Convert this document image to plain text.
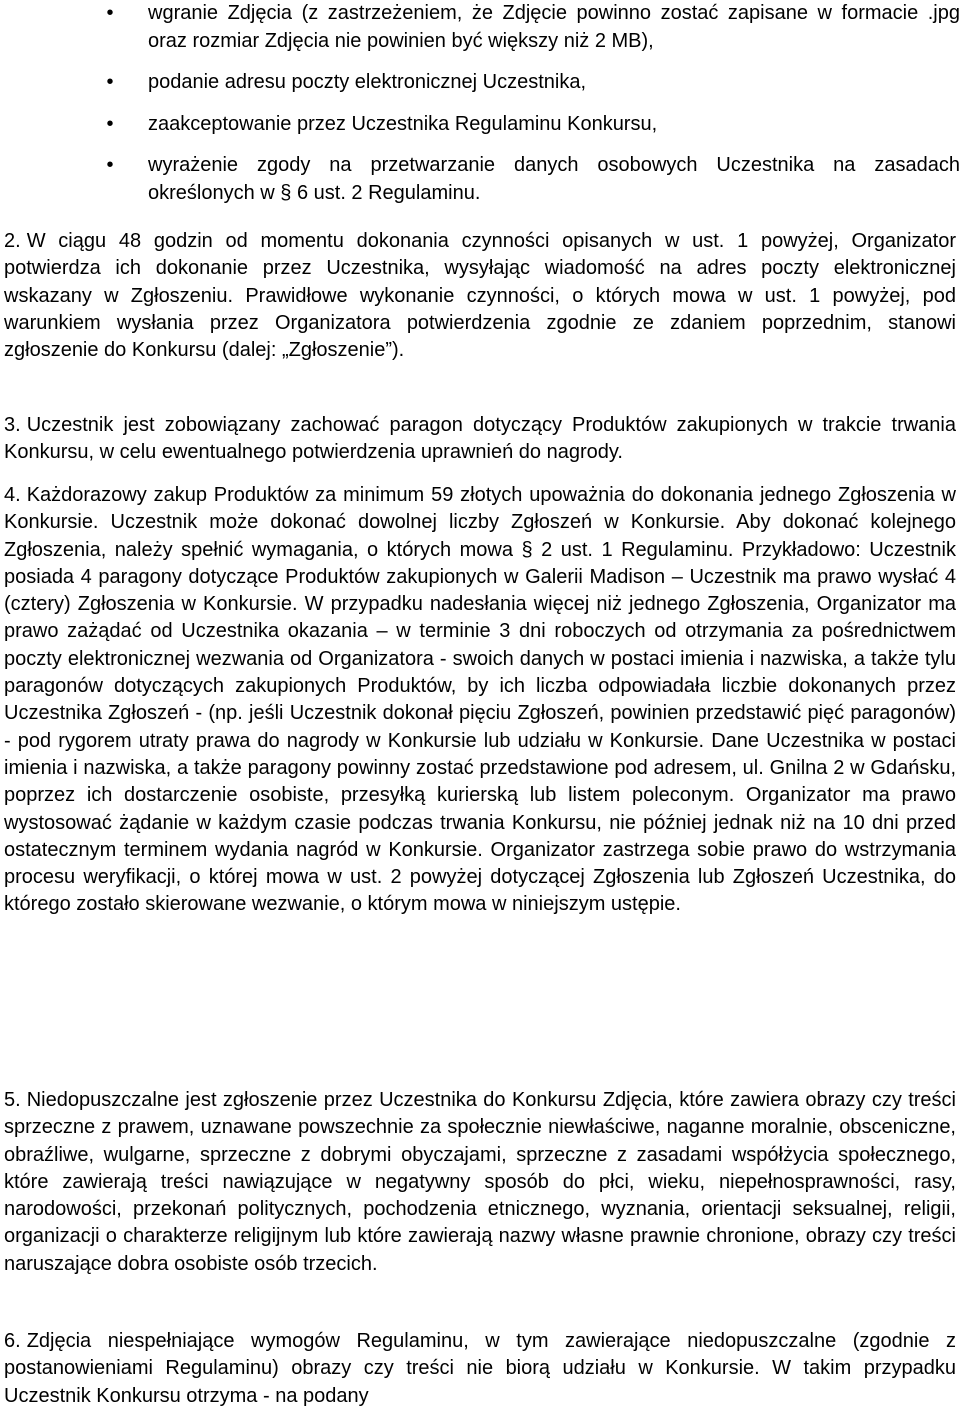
•	wgranie Zdjęcia (z zastrzeżeniem, że Zdjęcie powinno zostać zapisane w formacie .jpg oraz rozmiar Zdjęcia nie powinien być większy niż 2 MB),
•	podanie adresu poczty elektronicznej Uczestnika,
•	zaakceptowanie przez Uczestnika Regulaminu Konkursu,
•	wyrażenie zgody na przetwarzanie danych osobowych Uczestnika na zasadach określonych w § 6 ust. 2 Regulaminu.

2. W ciągu 48 godzin od momentu dokonania czynności opisanych w ust. 1 powyżej, Organizator potwierdza ich dokonanie przez Uczestnika, wysyłając wiadomość na adres poczty elektronicznej wskazany w Zgłoszeniu. Prawidłowe wykonanie czynności, o których mowa w ust. 1 powyżej, pod warunkiem wysłania przez Organizatora potwierdzenia zgodnie ze zdaniem poprzednim, stanowi zgłoszenie do Konkursu (dalej: „Zgłoszenie”).

3. Uczestnik jest zobowiązany zachować paragon dotyczący Produktów zakupionych w trakcie trwania Konkursu, w celu ewentualnego potwierdzenia uprawnień do nagrody.

4. Każdorazowy zakup Produktów za minimum 59 złotych upoważnia do dokonania jednego Zgłoszenia w Konkursie. Uczestnik może dokonać dowolnej liczby Zgłoszeń w Konkursie. Aby dokonać kolejnego Zgłoszenia, należy spełnić wymagania, o których mowa § 2 ust. 1 Regulaminu. Przykładowo: Uczestnik posiada 4 paragony dotyczące Produktów zakupionych w Galerii Madison – Uczestnik ma prawo wysłać 4 (cztery) Zgłoszenia w Konkursie. W przypadku nadesłania więcej niż jednego Zgłoszenia, Organizator ma prawo zażądać od Uczestnika okazania – w terminie 3 dni roboczych od otrzymania za pośrednictwem poczty elektronicznej wezwania od Organizatora - swoich danych w postaci imienia i nazwiska, a także tylu paragonów dotyczących zakupionych Produktów, by ich liczba odpowiadała liczbie dokonanych przez Uczestnika Zgłoszeń - (np. jeśli Uczestnik dokonał pięciu Zgłoszeń, powinien przedstawić pięć paragonów) - pod rygorem utraty prawa do nagrody w Konkursie lub udziału w Konkursie. Dane Uczestnika w postaci imienia i nazwiska, a także paragony powinny zostać przedstawione pod adresem, ul. Gnilna 2 w Gdańsku, poprzez ich dostarczenie osobiste, przesyłką kurierską lub listem poleconym. Organizator ma prawo wystosować żądanie w każdym czasie podczas trwania Konkursu, nie później jednak niż na 10 dni przed ostatecznym terminem wydania nagród w Konkursie. Organizator zastrzega sobie prawo do wstrzymania procesu weryfikacji, o której mowa w ust. 2 powyżej dotyczącej Zgłoszenia lub Zgłoszeń Uczestnika, do którego zostało skierowane wezwanie, o którym mowa w niniejszym ustępie.

5. Niedopuszczalne jest zgłoszenie przez Uczestnika do Konkursu Zdjęcia, które zawiera obrazy czy treści sprzeczne z prawem, uznawane powszechnie za społecznie niewłaściwe, naganne moralnie, obsceniczne, obraźliwe, wulgarne, sprzeczne z dobrymi obyczajami, sprzeczne z zasadami współżycia społecznego, które zawierają treści nawiązujące w negatywny sposób do płci, wieku, niepełnosprawności, rasy, narodowości, przekonań politycznych, pochodzenia etnicznego, wyznania, orientacji seksualnej, religii, organizacji o charakterze religijnym lub które zawierają nazwy własne prawnie chronione, obrazy czy treści naruszające dobra osobiste osób trzecich.

6. Zdjęcia niespełniające wymogów Regulaminu, w tym zawierające niedopuszczalne (zgodnie z postanowieniami Regulaminu) obrazy czy treści nie biorą udziału w Konkursie. W takim przypadku Uczestnik Konkursu otrzyma - na podany
